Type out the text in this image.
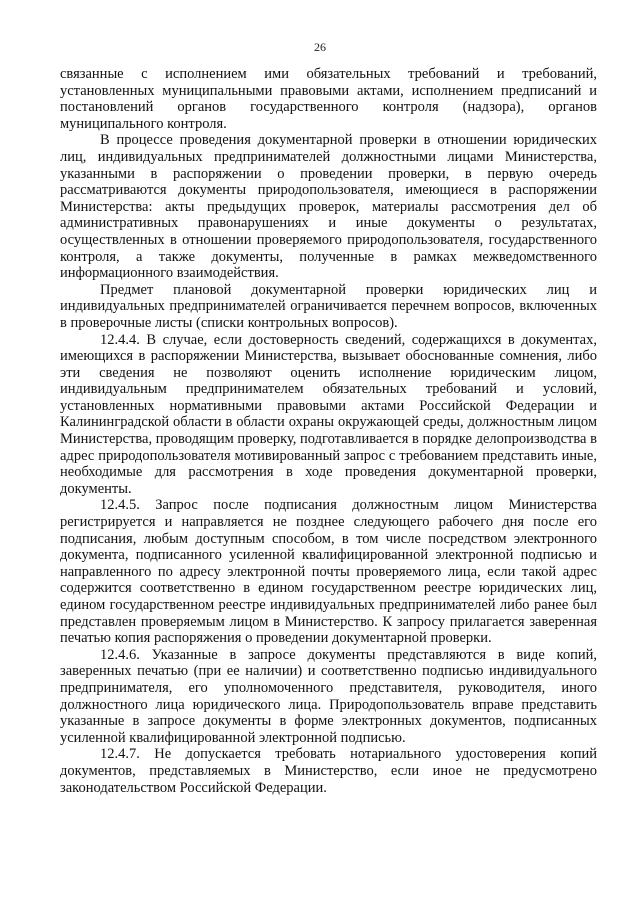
26

связанные с исполнением ими обязательных требований и требований, установленных муниципальными правовыми актами, исполнением предписаний и постановлений органов государственного контроля (надзора), органов муниципального контроля.

В процессе проведения документарной проверки в отношении юридических лиц, индивидуальных предпринимателей должностными лицами Министерства, указанными в распоряжении о проведении проверки, в первую очередь рассматриваются документы природопользователя, имеющиеся в распоряжении Министерства: акты предыдущих проверок, материалы рассмотрения дел об административных правонарушениях и иные документы о результатах, осуществленных в отношении проверяемого природопользователя, государственного контроля, а также документы, полученные в рамках межведомственного информационного взаимодействия.

Предмет плановой документарной проверки юридических лиц и индивидуальных предпринимателей ограничивается перечнем вопросов, включенных в проверочные листы (списки контрольных вопросов).

12.4.4. В случае, если достоверность сведений, содержащихся в документах, имеющихся в распоряжении Министерства, вызывает обоснованные сомнения, либо эти сведения не позволяют оценить исполнение юридическим лицом, индивидуальным предпринимателем обязательных требований и условий, установленных нормативными правовыми актами Российской Федерации и Калининградской области в области охраны окружающей среды, должностным лицом Министерства, проводящим проверку, подготавливается в порядке делопроизводства в адрес природопользователя мотивированный запрос с требованием представить иные, необходимые для рассмотрения в ходе проведения документарной проверки, документы.

12.4.5. Запрос после подписания должностным лицом Министерства регистрируется и направляется не позднее следующего рабочего дня после его подписания, любым доступным способом, в том числе посредством электронного документа, подписанного усиленной квалифицированной электронной подписью и направленного по адресу электронной почты проверяемого лица, если такой адрес содержится соответственно в едином государственном реестре юридических лиц, едином государственном реестре индивидуальных предпринимателей либо ранее был представлен проверяемым лицом в Министерство. К запросу прилагается заверенная печатью копия распоряжения о проведении документарной проверки.

12.4.6. Указанные в запросе документы представляются в виде копий, заверенных печатью (при ее наличии) и соответственно подписью индивидуального предпринимателя, его уполномоченного представителя, руководителя, иного должностного лица юридического лица. Природопользователь вправе представить указанные в запросе документы в форме электронных документов, подписанных усиленной квалифицированной электронной подписью.

12.4.7. Не допускается требовать нотариального удостоверения копий документов, представляемых в Министерство, если иное не предусмотрено законодательством Российской Федерации.
